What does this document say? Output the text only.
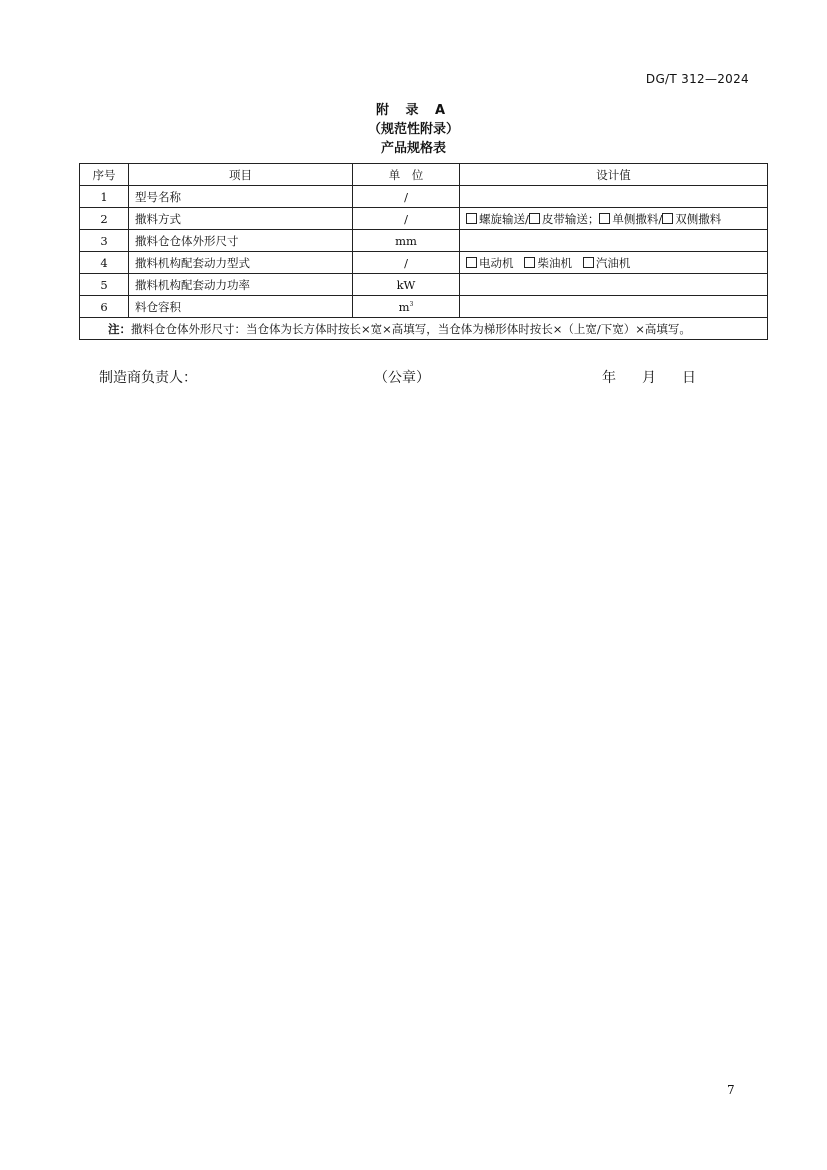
DG/T 312—2024
附 录 A
（规范性附录）
产品规格表
序号	项目	单　位	设计值
1	型号名称	/	
2	撒料方式	/	螺旋输送/ 皮带输送； 单侧撒料/ 双侧撒料
3	撒料仓仓体外形尺寸	mm	
4	撒料机构配套动力型式	/	电动机 柴油机 汽油机
5	撒料机构配套动力功率	kW	
6	料仓容积	$m^3$	
注：撒料仓仓体外形尺寸：当仓体为长方体时按长×宽×高填写，当仓体为梯形体时按长×（上宽/下宽）×高填写。			
制造商负责人：	（公章）	年 月 日
7
